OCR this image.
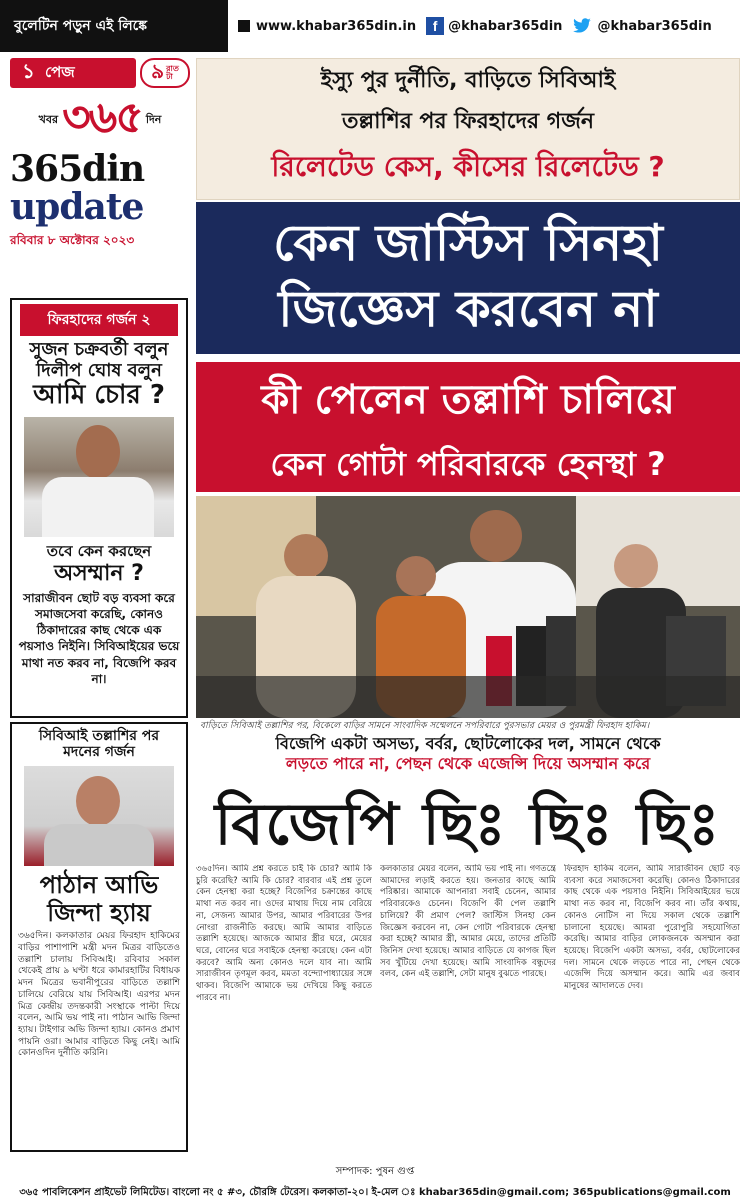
বুলেটিন পড়ুন এই লিঙ্কে	www.khabar365din.in	f @khabar365din	@khabar365din
১ পেজ	৯ রাত
টা
খবর ৩৬৫ দিন
365din
update
রবিবার ৮ অক্টোবর ২০২৩
ফিরহাদের গর্জন ২
সুজন চক্রবর্তী বলুন
দিলীপ ঘোষ বলুন
আমি চোর ?
তবে কেন করছেন
অসম্মান ?
সারাজীবন ছোট বড় ব্যবসা করে সমাজসেবা করেছি, কোনও ঠিকাদারের কাছ থেকে এক পয়সাও নিইনি। সিবিআইয়ের ভয়ে মাথা নত করব না, বিজেপি করব না।
সিবিআই তল্লাশির পর
মদনের গর্জন
পাঠান আভি
জিন্দা হ্যায়
৩৬৫দিন। কলকাতার মেয়র ফিরহাদ হাকিমের বাড়ির পাশাপাশি মন্ত্রী মদন মিত্রর বাড়িতেও তল্লাশি চালায় সিবিআই। রবিবার সকাল থেকেই প্রায় ৯ ঘণ্টা ধরে কামারহাটির বিধায়ক মদন মিত্রের ভবানীপুরের বাড়িতে তল্লাশি চালিয়ে বেরিয়ে যায় সিবিআই। এরপর মদন মিত্র কেন্দ্রীয় তদন্তকারী সংস্থাকে পাল্টা দিয়ে বলেন, আমি ভয় পাই না। পাঠান আভি জিন্দা হ্যায়। টাইগার অভি জিন্দা হ্যায়। কোনও প্রমাণ পায়নি ওরা। আমার বাড়িতে কিছু নেই। আমি কোনওদিন দুর্নীতি করিনি।
ইস্যু পুর দুর্নীতি, বাড়িতে সিবিআই
তল্লাশির পর ফিরহাদের গর্জন
রিলেটেড কেস, কীসের রিলেটেড ?
কেন জাস্টিস সিনহা
জিজ্ঞেস করবেন না
কী পেলেন তল্লাশি চালিয়ে
কেন গোটা পরিবারকে হেনস্থা ?
বাড়িতে সিবিআই তল্লাশির পর, বিকেলে বাড়ির সামনে সাংবাদিক সম্মেলনে সপরিবারে পুরসভার মেয়র ও পুরমন্ত্রী ফিরহাদ হাকিম।
বিজেপি একটা অসভ্য, বর্বর, ছোটলোকের দল, সামনে থেকে
লড়তে পারে না, পেছন থেকে এজেন্সি দিয়ে অসম্মান করে
বিজেপি ছিঃ ছিঃ ছিঃ
৩৬৫দিন। আমি প্রশ্ন করতে চাই কি চোর? আমি কি চুরি করেছি? আমি কি চোর? বারবার এই প্রশ্ন তুলে কেন হেনস্থা করা হচ্ছে? বিজেপির চক্রান্তের কাছে মাথা নত করব না। ওদের মাথায় দিয়ে নাম বেরিয়ে না, সেজন্য আমার উপর, আমার পরিবারের উপর নোংরা রাজনীতি করছে। আমি আমার বাড়িতে তল্লাশি হয়েছে। আজকে আমার স্ত্রীর ঘরে, মেয়ের ঘরে, বোনের ঘরে সবাইকে হেনস্থা করেছে। কেন এটা করবে? আমি অন্য কোনও দলে যাব না। আমি সারাজীবন তৃণমূল করব, মমতা বন্দ্যোপাধ্যায়ের সঙ্গে থাকব। বিজেপি আমাকে ভয় দেখিয়ে কিছু করতে পারবে না।
কলকাতার মেয়র বলেন, আমি ভয় পাই না। গণতন্ত্রে আমাদের লড়াই করতে হয়। জনতার কাছে আমি পরিষ্কার। আমাকে আপনারা সবাই চেনেন, আমার পরিবারকেও চেনেন। বিজেপি কী পেল তল্লাশি চালিয়ে? কী প্রমাণ পেল? জাস্টিস সিনহা কেন জিজ্ঞেস করবেন না, কেন গোটা পরিবারকে হেনস্থা করা হচ্ছে? আমার স্ত্রী, আমার মেয়ে, তাদের প্রতিটি জিনিস দেখা হয়েছে। আমার বাড়িতে যে কাগজ ছিল সব খুঁটিয়ে দেখা হয়েছে। আমি সাংবাদিক বন্ধুদের বলব, কেন এই তল্লাশি, সেটা মানুষ বুঝতে পারছে।
ফিরহাদ হাকিম বলেন, আমি সারাজীবন ছোট বড় ব্যবসা করে সমাজসেবা করেছি। কোনও ঠিকাদারের কাছ থেকে এক পয়সাও নিইনি। সিবিআইয়ের ভয়ে মাথা নত করব না, বিজেপি করব না। তাঁর কথায়, কোনও নোটিস না দিয়ে সকাল থেকে তল্লাশি চালানো হয়েছে। আমরা পুরোপুরি সহযোগিতা করেছি। আমার বাড়ির লোকজনকে অসম্মান করা হয়েছে। বিজেপি একটা অসভ্য, বর্বর, ছোটলোকের দল। সামনে থেকে লড়তে পারে না, পেছন থেকে এজেন্সি দিয়ে অসম্মান করে। আমি এর জবাব মানুষের আদালতে দেব।
সম্পাদক: পুষন গুপ্ত
৩৬৫ পাবলিকেশন প্রাইভেট লিমিটেড। বাংলো নং ৫ #৩, চৌরঙ্গি টেরেস। কলকাতা-২০। ই-মেল ঃ khabar365din@gmail.com; 365publications@gmail.com
